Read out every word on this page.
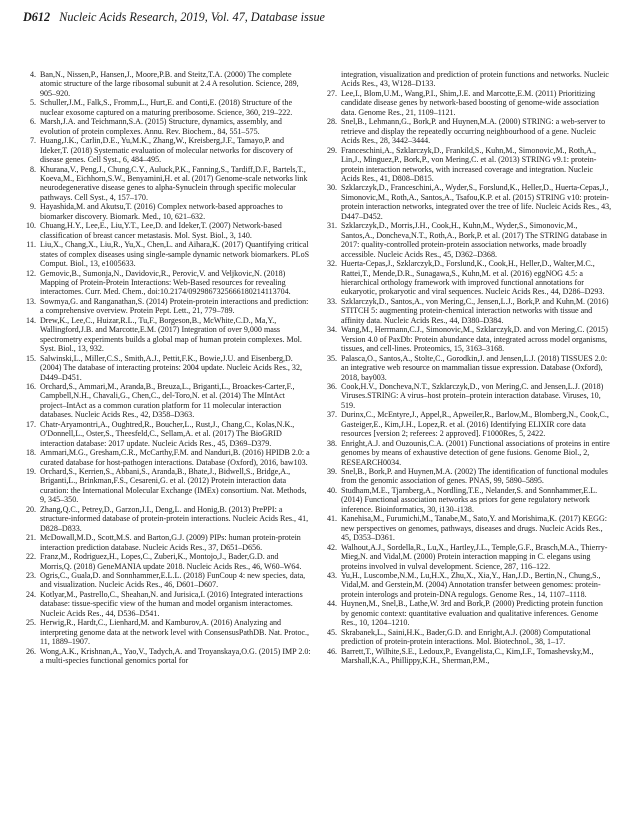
D612 Nucleic Acids Research, 2019, Vol. 47, Database issue

4. Ban,N., Nissen,P., Hansen,J., Moore,P.B. and Steitz,T.A. (2000) The complete atomic structure of the large ribosomal subunit at 2.4 A resolution. Science, 289, 905–920.

5. Schuller,J.M., Falk,S., Fromm,L., Hurt,E. and Conti,E. (2018) Structure of the nuclear exosome captured on a maturing preribosome. Science, 360, 219–222.

6. Marsh,J.A. and Teichmann,S.A. (2015) Structure, dynamics, assembly, and evolution of protein complexes. Annu. Rev. Biochem., 84, 551–575.

7. Huang,J.K., Carlin,D.E., Yu,M.K., Zhang,W., Kreisberg,J.F., Tamayo,P. and Ideker,T. (2018) Systematic evaluation of molecular networks for discovery of disease genes. Cell Syst., 6, 484–495.

8. Khurana,V., Peng,J., Chung,C.Y., Auluck,P.K., Fanning,S., Tardiff,D.F., Bartels,T., Koeva,M., Eichhorn,S.W., Benyamini,H. et al. (2017) Genome-scale networks link neurodegenerative disease genes to alpha-Synuclein through specific molecular pathways. Cell Syst., 4, 157–170.

9. Hayashida,M. and Akutsu,T. (2016) Complex network-based approaches to biomarker discovery. Biomark. Med., 10, 621–632.

10. Chuang,H.Y., Lee,E., Liu,Y.T., Lee,D. and Ideker,T. (2007) Network-based classification of breast cancer metastasis. Mol. Syst. Biol., 3, 140.

11. Liu,X., Chang,X., Liu,R., Yu,X., Chen,L. and Aihara,K. (2017) Quantifying critical states of complex diseases using single-sample dynamic network biomarkers. PLoS Comput. Biol., 13, e1005633.

12. Gemovic,B., Sumonja,N., Davidovic,R., Perovic,V. and Veljkovic,N. (2018) Mapping of Protein-Protein Interactions: Web-Based resources for revealing interactomes. Curr. Med. Chem., doi:10.2174/0929867325666180214113704.

13. Sowmya,G. and Ranganathan,S. (2014) Protein-protein interactions and prediction: a comprehensive overview. Protein Pept. Lett., 21, 779–789.

14. Drew,K., Lee,C., Huizar,R.L., Tu,F., Borgeson,B., McWhite,C.D., Ma,Y., Wallingford,J.B. and Marcotte,E.M. (2017) Integration of over 9,000 mass spectrometry experiments builds a global map of human protein complexes. Mol. Syst. Biol., 13, 932.

15. Salwinski,L., Miller,C.S., Smith,A.J., Pettit,F.K., Bowie,J.U. and Eisenberg,D. (2004) The database of interacting proteins: 2004 update. Nucleic Acids Res., 32, D449–D451.

16. Orchard,S., Ammari,M., Aranda,B., Breuza,L., Briganti,L., Broackes-Carter,F., Campbell,N.H., Chavali,G., Chen,C., del-Toro,N. et al. (2014) The MIntAct project–IntAct as a common curation platform for 11 molecular interaction databases. Nucleic Acids Res., 42, D358–D363.

17. Chatr-Aryamontri,A., Oughtred,R., Boucher,L., Rust,J., Chang,C., Kolas,N.K., O'Donnell,L., Oster,S., Theesfeld,C., Sellam,A. et al. (2017) The BioGRID interaction database: 2017 update. Nucleic Acids Res., 45, D369–D379.

18. Ammari,M.G., Gresham,C.R., McCarthy,F.M. and Nanduri,B. (2016) HPIDB 2.0: a curated database for host-pathogen interactions. Database (Oxford), 2016, baw103.

19. Orchard,S., Kerrien,S., Abbani,S., Aranda,B., Bhate,J., Bidwell,S., Bridge,A., Briganti,L., Brinkman,F.S., Cesareni,G. et al. (2012) Protein interaction data curation: the International Molecular Exchange (IMEx) consortium. Nat. Methods, 9, 345–350.

20. Zhang,Q.C., Petrey,D., Garzon,J.I., Deng,L. and Honig,B. (2013) PrePPI: a structure-informed database of protein-protein interactions. Nucleic Acids Res., 41, D828–D833.

21. McDowall,M.D., Scott,M.S. and Barton,G.J. (2009) PIPs: human protein-protein interaction prediction database. Nucleic Acids Res., 37, D651–D656.

22. Franz,M., Rodriguez,H., Lopes,C., Zuberi,K., Montojo,J., Bader,G.D. and Morris,Q. (2018) GeneMANIA update 2018. Nucleic Acids Res., 46, W60–W64.

23. Ogris,C., Guala,D. and Sonnhammer,E.L.L. (2018) FunCoup 4: new species, data, and visualization. Nucleic Acids Res., 46, D601–D607.

24. Kotlyar,M., Pastrello,C., Sheahan,N. and Jurisica,I. (2016) Integrated interactions database: tissue-specific view of the human and model organism interactomes. Nucleic Acids Res., 44, D536–D541.

25. Herwig,R., Hardt,C., Lienhard,M. and Kamburov,A. (2016) Analyzing and interpreting genome data at the network level with ConsensusPathDB. Nat. Protoc., 11, 1889–1907.

26. Wong,A.K., Krishnan,A., Yao,V., Tadych,A. and Troyanskaya,O.G. (2015) IMP 2.0: a multi-species functional genomics portal for

integration, visualization and prediction of protein functions and networks. Nucleic Acids Res., 43, W128–D133.

27. Lee,I., Blom,U.M., Wang,P.I., Shim,J.E. and Marcotte,E.M. (2011) Prioritizing candidate disease genes by network-based boosting of genome-wide association data. Genome Res., 21, 1109–1121.

28. Snel,B., Lehmann,G., Bork,P. and Huynen,M.A. (2000) STRING: a web-server to retrieve and display the repeatedly occurring neighbourhood of a gene. Nucleic Acids Res., 28, 3442–3444.

29. Franceschini,A., Szklarczyk,D., Frankild,S., Kuhn,M., Simonovic,M., Roth,A., Lin,J., Minguez,P., Bork,P., von Mering,C. et al. (2013) STRING v9.1: protein-protein interaction networks, with increased coverage and integration. Nucleic Acids Res., 41, D808–D815.

30. Szklarczyk,D., Franceschini,A., Wyder,S., Forslund,K., Heller,D., Huerta-Cepas,J., Simonovic,M., Roth,A., Santos,A., Tsafou,K.P. et al. (2015) STRING v10: protein-protein interaction networks, integrated over the tree of life. Nucleic Acids Res., 43, D447–D452.

31. Szklarczyk,D., Morris,J.H., Cook,H., Kuhn,M., Wyder,S., Simonovic,M., Santos,A., Doncheva,N.T., Roth,A., Bork,P. et al. (2017) The STRING database in 2017: quality-controlled protein-protein association networks, made broadly accessible. Nucleic Acids Res., 45, D362–D368.

32. Huerta-Cepas,J., Szklarczyk,D., Forslund,K., Cook,H., Heller,D., Walter,M.C., Rattei,T., Mende,D.R., Sunagawa,S., Kuhn,M. et al. (2016) eggNOG 4.5: a hierarchical orthology framework with improved functional annotations for eukaryotic, prokaryotic and viral sequences. Nucleic Acids Res., 44, D286–D293.

33. Szklarczyk,D., Santos,A., von Mering,C., Jensen,L.J., Bork,P. and Kuhn,M. (2016) STITCH 5: augmenting protein-chemical interaction networks with tissue and affinity data. Nucleic Acids Res., 44, D380–D384.

34. Wang,M., Herrmann,C.J., Simonovic,M., Szklarczyk,D. and von Mering,C. (2015) Version 4.0 of PaxDb: Protein abundance data, integrated across model organisms, tissues, and cell-lines. Proteomics, 15, 3163–3168.

35. Palasca,O., Santos,A., Stolte,C., Gorodkin,J. and Jensen,L.J. (2018) TISSUES 2.0: an integrative web resource on mammalian tissue expression. Database (Oxford), 2018, bay003.

36. Cook,H.V., Doncheva,N.T., Szklarczyk,D., von Mering,C. and Jensen,L.J. (2018) Viruses.STRING: A virus–host protein–protein interaction database. Viruses, 10, 519.

37. Durinx,C., McEntyre,J., Appel,R., Apweiler,R., Barlow,M., Blomberg,N., Cook,C., Gasteiger,E., Kim,J.H., Lopez,R. et al. (2016) Identifying ELIXIR core data resources [version 2; referees: 2 approved]. F1000Res, 5, 2422.

38. Enright,A.J. and Ouzounis,C.A. (2001) Functional associations of proteins in entire genomes by means of exhaustive detection of gene fusions. Genome Biol., 2, RESEARCH0034.

39. Snel,B., Bork,P. and Huynen,M.A. (2002) The identification of functional modules from the genomic association of genes. PNAS, 99, 5890–5895.

40. Studham,M.E., Tjarnberg,A., Nordling,T.E., Nelander,S. and Sonnhammer,E.L. (2014) Functional association networks as priors for gene regulatory network inference. Bioinformatics, 30, i130–i138.

41. Kanehisa,M., Furumichi,M., Tanabe,M., Sato,Y. and Morishima,K. (2017) KEGG: new perspectives on genomes, pathways, diseases and drugs. Nucleic Acids Res., 45, D353–D361.

42. Walhout,A.J., Sordella,R., Lu,X., Hartley,J.L., Temple,G.F., Brasch,M.A., Thierry-Mieg,N. and Vidal,M. (2000) Protein interaction mapping in C. elegans using proteins involved in vulval development. Science, 287, 116–122.

43. Yu,H., Luscombe,N.M., Lu,H.X., Zhu,X., Xia,Y., Han,J.D., Bertin,N., Chung,S., Vidal,M. and Gerstein,M. (2004) Annotation transfer between genomes: protein-protein interologs and protein-DNA regulogs. Genome Res., 14, 1107–1118.

44. Huynen,M., Snel,B., Lathe,W. 3rd and Bork,P. (2000) Predicting protein function by genomic context: quantitative evaluation and qualitative inferences. Genome Res., 10, 1204–1210.

45. Skrabanek,L., Saini,H.K., Bader,G.D. and Enright,A.J. (2008) Computational prediction of protein-protein interactions. Mol. Biotechnol., 38, 1–17.

46. Barrett,T., Wilhite,S.E., Ledoux,P., Evangelista,C., Kim,I.F., Tomashevsky,M., Marshall,K.A., Phillippy,K.H., Sherman,P.M.,
